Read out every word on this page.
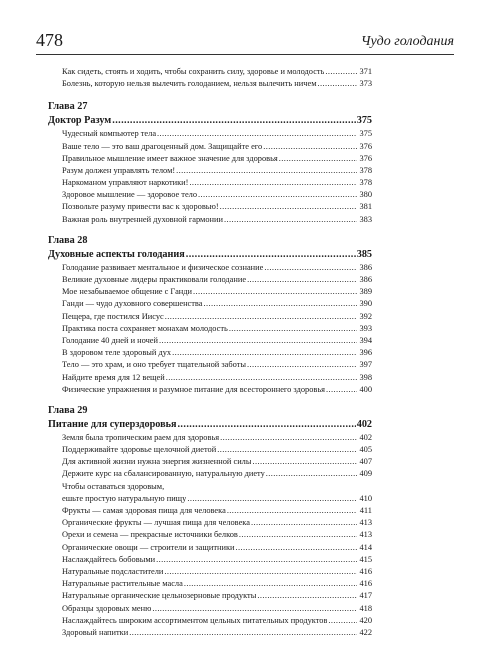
478	Чудо голодания
Как сидеть, стоять и ходить, чтобы сохранить силу, здоровье и молодость .....	371
Болезнь, которую нельзя вылечить голоданием, нельзя вылечить ничем .....	373
Глава 27
Доктор Разум .....	375
Чудесный компьютер тела .....	375
Ваше тело — это ваш драгоценный дом. Защищайте его .....	376
Правильное мышление имеет важное значение для здоровья .....	376
Разум должен управлять телом! .....	378
Наркоманом управляют наркотики! .....	378
Здоровое мышление — здоровое тело .....	380
Позвольте разуму привести вас к здоровью! .....	381
Важная роль внутренней духовной гармонии .....	383
Глава 28
Духовные аспекты голодания .....	385
Голодание развивает ментальное и физическое сознание .....	386
Великие духовные лидеры практиковали голодание .....	386
Мое незабываемое общение с Ганди .....	389
Ганди — чудо духовного совершенства .....	390
Пещера, где постился Иисус .....	392
Практика поста сохраняет монахам молодость .....	393
Голодание 40 дней и ночей .....	394
В здоровом теле здоровый дух .....	396
Тело — это храм, и оно требует тщательной заботы .....	397
Найдите время для 12 вещей .....	398
Физические упражнения и разумное питание для всестороннего здоровья .....	400
Глава 29
Питание для суперздоровья .....	402
Земля была тропическим раем для здоровья .....	402
Поддерживайте здоровье щелочной диетой .....	405
Для активной жизни нужна энергия жизненной силы .....	407
Держите курс на сбалансированную, натуральную диету .....	409
Чтобы оставаться здоровым,
ешьте простую натуральную пищу .....	410
Фрукты — самая здоровая пища для человека .....	411
Органические фрукты — лучшая пища для человека .....	413
Орехи и семена — прекрасные источники белков .....	413
Органические овощи — строители и защитники .....	414
Наслаждайтесь бобовыми .....	415
Натуральные подсластители .....	416
Натуральные растительные масла .....	416
Натуральные органические цельнозерновые продукты .....	417
Образцы здоровых меню .....	418
Наслаждайтесь широким ассортиментом цельных питательных продуктов .....	420
Здоровый напитки .....	422
